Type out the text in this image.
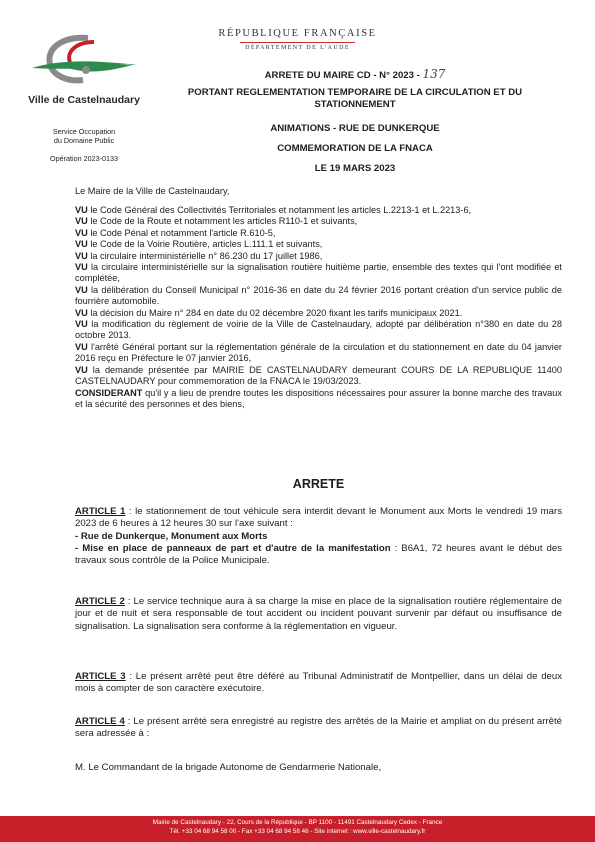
Ville de Castelnaudary
Service Occupation
du Domaine Public
Opération 2023-0133
RÉPUBLIQUE FRANÇAISE
DÉPARTEMENT DE L'AUDE
ARRETE DU MAIRE CD - N° 2023 - 137
PORTANT REGLEMENTATION TEMPORAIRE DE LA CIRCULATION ET DU
STATIONNEMENT
ANIMATIONS - RUE DE DUNKERQUE
COMMEMORATION DE LA FNACA
LE 19 MARS 2023
Le Maire de la Ville de Castelnaudary,
VU le Code Général des Collectivités Territoriales et notamment les articles L.2213-1 et L.2213-6,
VU le Code de la Route et notamment les articles R110-1 et suivants,
VU le Code Pénal et notamment l'article R.610-5,
VU le Code de la Voirie Routière, articles L.111.1 et suivants,
VU la circulaire interministérielle n° 86.230 du 17 juillet 1986,
VU la circulaire interministérielle sur la signalisation routière huitième partie, ensemble des textes qui l'ont modifiée et complétée,
VU la délibération du Conseil Municipal n° 2016-36 en date du 24 février 2016 portant création d'un service public de fourrière automobile.
VU la décision du Maire n° 284 en date du 02 décembre 2020 fixant les tarifs municipaux 2021.
VU la modification du règlement de voirie de la Ville de Castelnaudary, adopté par délibération n°380 en date du 28 octobre 2013.
VU l'arrêté Général portant sur la réglementation générale de la circulation et du stationnement en date du 04 janvier 2016 reçu en Préfecture le 07 janvier 2016,
VU la demande présentée par MAIRIE DE CASTELNAUDARY demeurant COURS DE LA REPUBLIQUE 11400 CASTELNAUDARY pour commemoration de la FNACA le 19/03/2023.
CONSIDERANT qu'il y a lieu de prendre toutes les dispositions nécessaires pour assurer la bonne marche des travaux et la sécurité des personnes et des biens,
ARRETE
ARTICLE 1 : le stationnement de tout véhicule sera interdit devant le Monument aux Morts le vendredi 19 mars 2023 de 6 heures à 12 heures 30 sur l'axe suivant :
- Rue de Dunkerque, Monument aux Morts
- Mise en place de panneaux de part et d'autre de la manifestation : B6A1, 72 heures avant le début des travaux sous contrôle de la Police Municipale.
ARTICLE 2 : Le service technique aura à sa charge la mise en place de la signalisation routière réglementaire de jour et de nuit et sera responsable de tout accident ou incident pouvant survenir par défaut ou insuffisance de signalisation. La signalisation sera conforme à la réglementation en vigueur.
ARTICLE 3 : Le présent arrêté peut être déféré au Tribunal Administratif de Montpellier, dans un délai de deux mois à compter de son caractère exécutoire.
ARTICLE 4 : Le présent arrêté sera enregistré au registre des arrêtés de la Mairie et ampliat on du présent arrêté sera adressée à :
M. Le Commandant de la brigade Autonome de Gendarmerie Nationale,
Mairie de Castelnaudary - 22, Cours de la République - BP 1100 - 11491 Castelnaudary Cedex - France
Tél. +33 04 68 94 58 00 - Fax +33 04 68 94 58 46 - Site internet : www.ville-castelnaudary.fr
